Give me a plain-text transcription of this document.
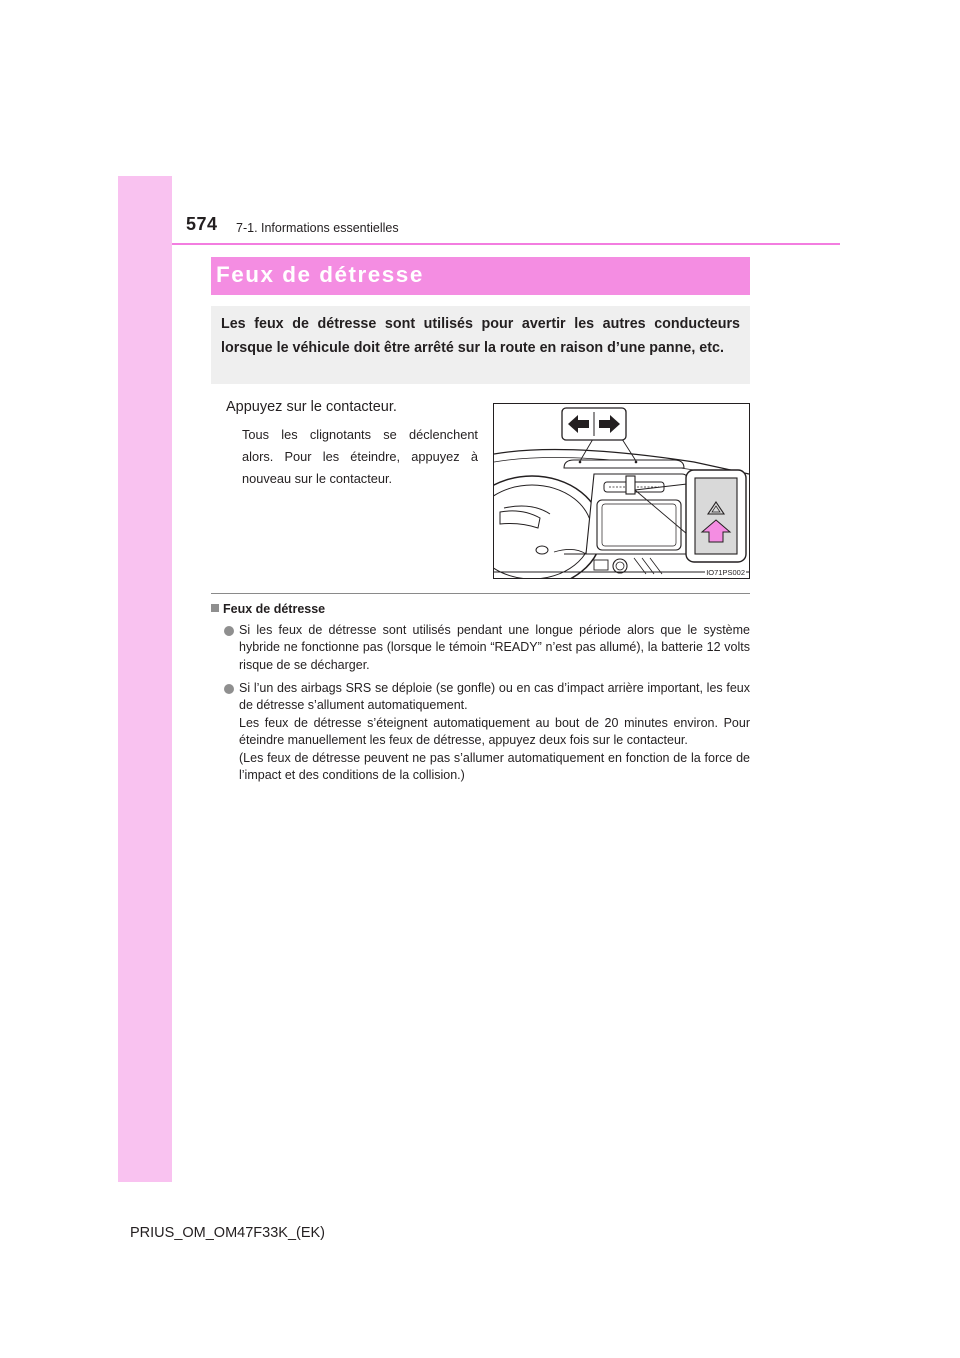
574 7-1. Informations essentielles
Feux de détresse
Les feux de détresse sont utilisés pour avertir les autres conducteurs lorsque le véhicule doit être arrêté sur la route en raison d’une panne, etc.
Appuyez sur le contacteur.
Tous les clignotants se déclenchent alors. Pour les éteindre, appuyez à nouveau sur le contacteur.
IO71PS002
Feux de détresse

Si les feux de détresse sont utilisés pendant une longue période alors que le système hybride ne fonctionne pas (lorsque le témoin “READY” n’est pas allumé), la batterie 12 volts risque de se décharger.

Si l’un des airbags SRS se déploie (se gonfle) ou en cas d’impact arrière important, les feux de détresse s’allument automatiquement.

Les feux de détresse s’éteignent automatiquement au bout de 20 minutes environ. Pour éteindre manuellement les feux de détresse, appuyez deux fois sur le contacteur.

(Les feux de détresse peuvent ne pas s’allumer automatiquement en fonction de la force de l’impact et des conditions de la collision.)

PRIUS_OM_OM47F33K_(EK)
